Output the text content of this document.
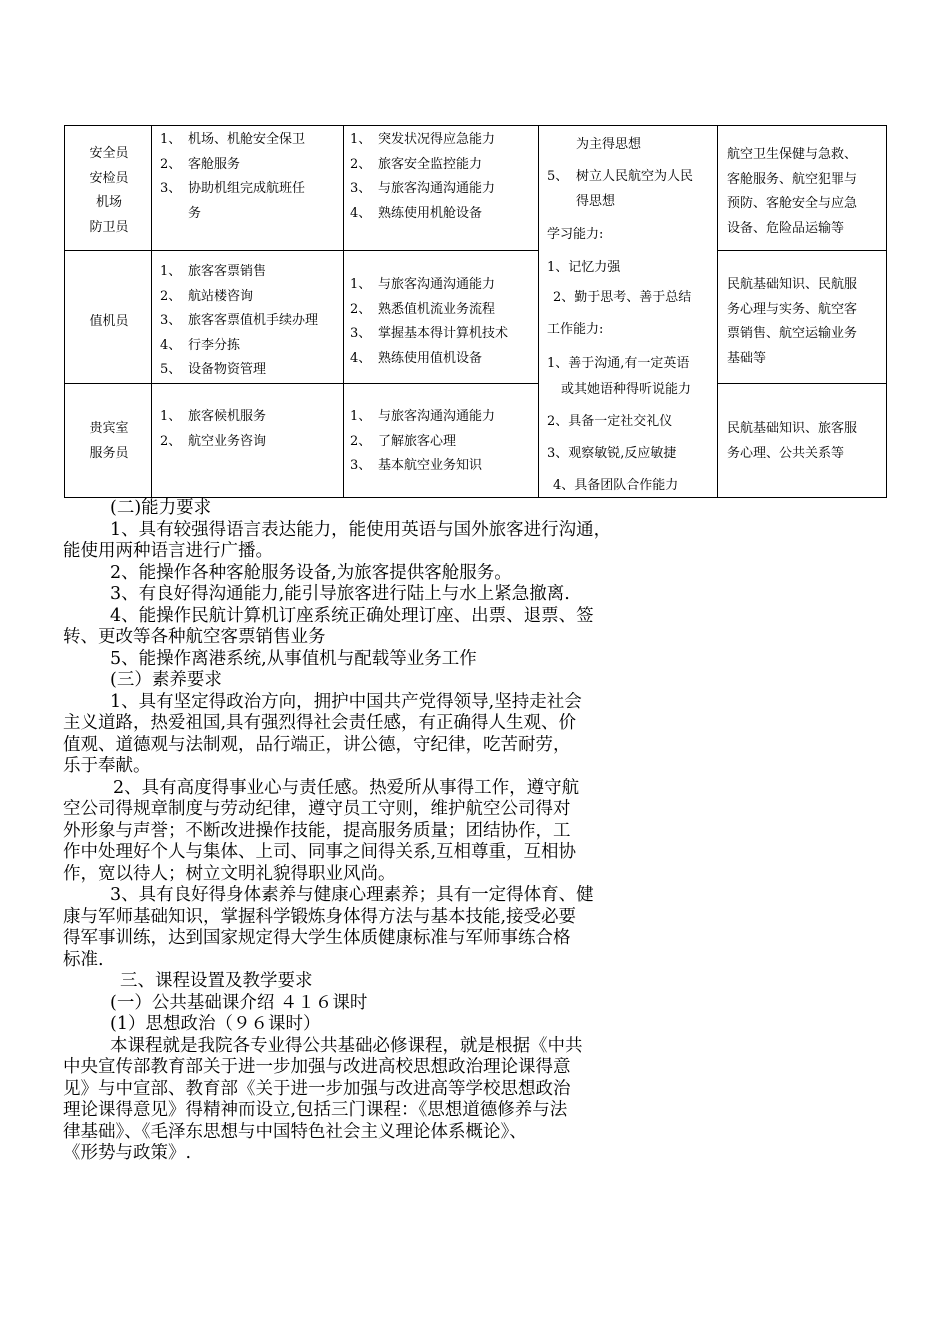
安全员
安检员
机场
防卫员
1、 机场、机舱安全保卫
2、 客舱服务
3、 协助机组完成航班任
务
1、 突发状况得应急能力
2、 旅客安全监控能力
3、 与旅客沟通沟通能力
4、 熟练使用机舱设备
航空卫生保健与急救、
客舱服务、航空犯罪与
预防、客舱安全与应急
设备、危险品运输等
值机员
1、 旅客客票销售
2、 航站楼咨询
3、 旅客客票值机手续办理
4、 行李分拣
5、 设备物资管理
1、 与旅客沟通沟通能力
2、 熟悉值机流业务流程
3、 掌握基本得计算机技术
4、 熟练使用值机设备
民航基础知识、民航服
务心理与实务、航空客
票销售、航空运输业务
基础等
贵宾室
服务员
1、 旅客候机服务
2、 航空业务咨询
1、 与旅客沟通沟通能力
2、 了解旅客心理
3、 基本航空业务知识
民航基础知识、旅客服
务心理、公共关系等
为主得思想
5、 树立人民航空为人民
得思想
学习能力:
1、记忆力强
2、勤于思考、善于总结
工作能力:
1、善于沟通,有一定英语
或其她语种得听说能力
2、具备一定社交礼仪
3、观察敏锐,反应敏捷
4、具备团队合作能力
(二)能力要求
1、具有较强得语言表达能力，能使用英语与国外旅客进行沟通，
能使用两种语言进行广播。
2、能操作各种客舱服务设备,为旅客提供客舱服务。
3、有良好得沟通能力,能引导旅客进行陆上与水上紧急撤离.
4、能操作民航计算机订座系统正确处理订座、出票、退票、签
转、更改等各种航空客票销售业务
5、能操作离港系统,从事值机与配载等业务工作
(三）素养要求
1、具有坚定得政治方向，拥护中国共产党得领导,坚持走社会
主义道路，热爱祖国,具有强烈得社会责任感，有正确得人生观、价
值观、道德观与法制观，品行端正，讲公德，守纪律，吃苦耐劳，
乐于奉献。
2、具有高度得事业心与责任感。热爱所从事得工作，遵守航
空公司得规章制度与劳动纪律，遵守员工守则，维护航空公司得对
外形象与声誉；不断改进操作技能，提高服务质量；团结协作，工
作中处理好个人与集体、上司、同事之间得关系,互相尊重，互相协
作，宽以待人；树立文明礼貌得职业风尚。
3、具有良好得身体素养与健康心理素养；具有一定得体育、健
康与军师基础知识，掌握科学锻炼身体得方法与基本技能,接受必要
得军事训练，达到国家规定得大学生体质健康标准与军师事练合格
标准.
三、课程设置及教学要求
(一）公共基础课介绍 ４１６课时
(1）思想政治（９６课时）
本课程就是我院各专业得公共基础必修课程，就是根据《中共
中央宣传部教育部关于进一步加强与改进高校思想政治理论课得意
见》与中宣部、教育部《关于进一步加强与改进高等学校思想政治
理论课得意见》得精神而设立,包括三门课程：《思想道德修养与法
律基础》、《毛泽东思想与中国特色社会主义理论体系概论》、
《形势与政策》.
